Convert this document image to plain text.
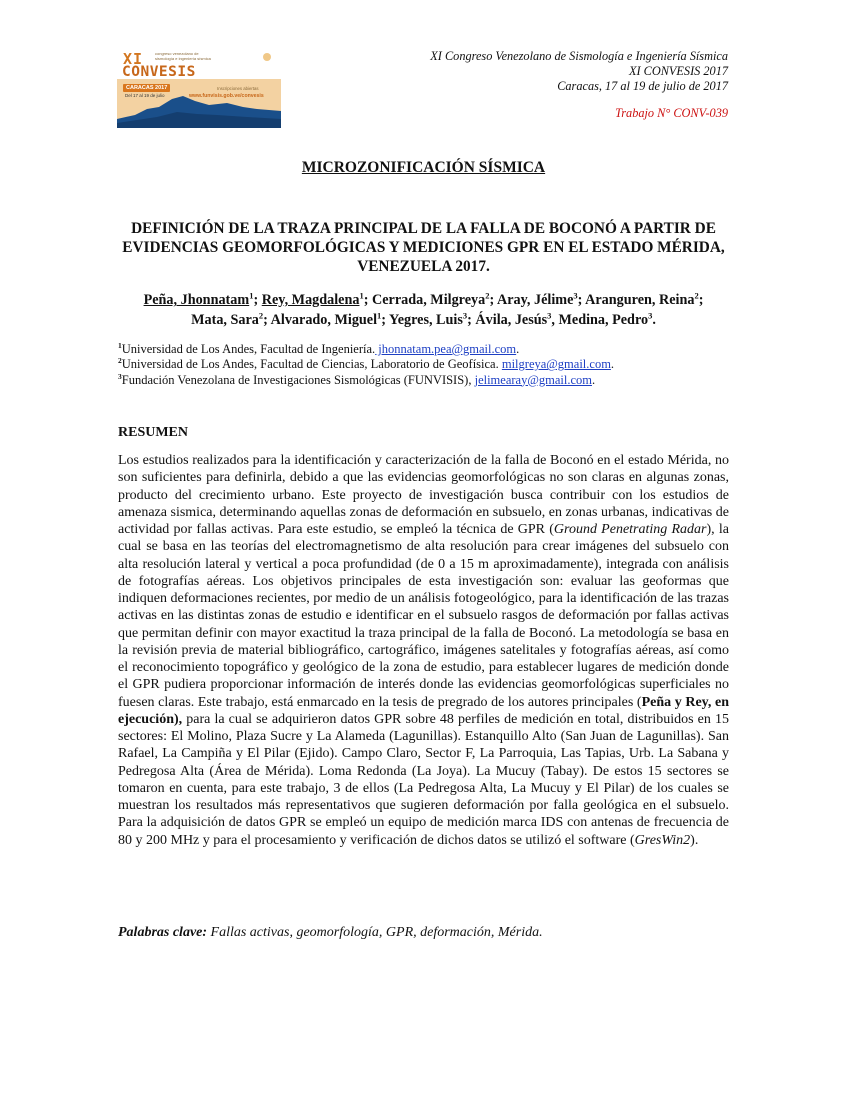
XI	congreso venezolano de sismología e ingeniería sísmica
CONVESIS
CARACAS 2017	Inscripciones abiertas
Del 17 al 19 de julio	www.funvisis.gob.ve/convesis
XI Congreso Venezolano de Sismología e Ingeniería Sísmica
XI CONVESIS 2017
Caracas, 17 al 19 de julio de 2017
Trabajo N° CONV-039
MICROZONIFICACIÓN SÍSMICA
DEFINICIÓN DE LA TRAZA PRINCIPAL DE LA FALLA DE BOCONÓ A PARTIR DE EVIDENCIAS GEOMORFOLÓGICAS Y MEDICIONES GPR EN EL ESTADO MÉRIDA, VENEZUELA 2017.
Peña, Jhonnatam$^1$; Rey, Magdalena$^1$; Cerrada, Milgreya$^2$; Aray, Jélime$^3$; Aranguren, Reina$^2$;
Mata, Sara$^2$; Alvarado, Miguel$^1$; Yegres, Luis$^3$; Ávila, Jesús$^3$, Medina, Pedro$^3$.
$^1$Universidad de Los Andes, Facultad de Ingeniería. jhonnatam.pea@gmail.com.
$^2$Universidad de Los Andes, Facultad de Ciencias, Laboratorio de Geofísica. milgreya@gmail.com.
$^3$Fundación Venezolana de Investigaciones Sismológicas (FUNVISIS), jelimearay@gmail.com.
RESUMEN
Los estudios realizados para la identificación y caracterización de la falla de Boconó en el estado Mérida, no son suficientes para definirla, debido a que las evidencias geomorfológicas no son claras en algunas zonas, producto del crecimiento urbano. Este proyecto de investigación busca contribuir con los estudios de amenaza sismica, determinando aquellas zonas de deformación en subsuelo, en zonas urbanas, indicativas de actividad por fallas activas. Para este estudio, se empleó la técnica de GPR (Ground Penetrating Radar), la cual se basa en las teorías del electromagnetismo de alta resolución para crear imágenes del subsuelo con alta resolución lateral y vertical a poca profundidad (de 0 a 15 m aproximadamente), integrada con análisis de fotografías aéreas. Los objetivos principales de esta investigación son: evaluar las geoformas que indiquen deformaciones recientes, por medio de un análisis fotogeológico, para la identificación de las trazas activas en las distintas zonas de estudio e identificar en el subsuelo rasgos de deformación por fallas activas que permitan definir con mayor exactitud la traza principal de la falla de Boconó. La metodología se basa en la revisión previa de material bibliográfico, cartográfico, imágenes satelitales y fotografías aéreas, así como el reconocimiento topográfico y geológico de la zona de estudio, para establecer lugares de medición donde el GPR pudiera proporcionar información de interés donde las evidencias geomorfológicas superficiales no fuesen claras. Este trabajo, está enmarcado en la tesis de pregrado de los autores principales (Peña y Rey, en ejecución), para la cual se adquirieron datos GPR sobre 48 perfiles de medición en total, distribuidos en 15 sectores: El Molino, Plaza Sucre y La Alameda (Lagunillas). Estanquillo Alto (San Juan de Lagunillas). San Rafael, La Campiña y El Pilar (Ejido). Campo Claro, Sector F, La Parroquia, Las Tapias, Urb. La Sabana y Pedregosa Alta (Área de Mérida). Loma Redonda (La Joya). La Mucuy (Tabay). De estos 15 sectores se tomaron en cuenta, para este trabajo, 3 de ellos (La Pedregosa Alta, La Mucuy y El Pilar) de los cuales se muestran los resultados más representativos que sugieren deformación por falla geológica en el subsuelo. Para la adquisición de datos GPR se empleó un equipo de medición marca IDS con antenas de frecuencia de 80 y 200 MHz y para el procesamiento y verificación de dichos datos se utilizó el software (GresWin2).
Palabras clave: Fallas activas, geomorfología, GPR, deformación, Mérida.
